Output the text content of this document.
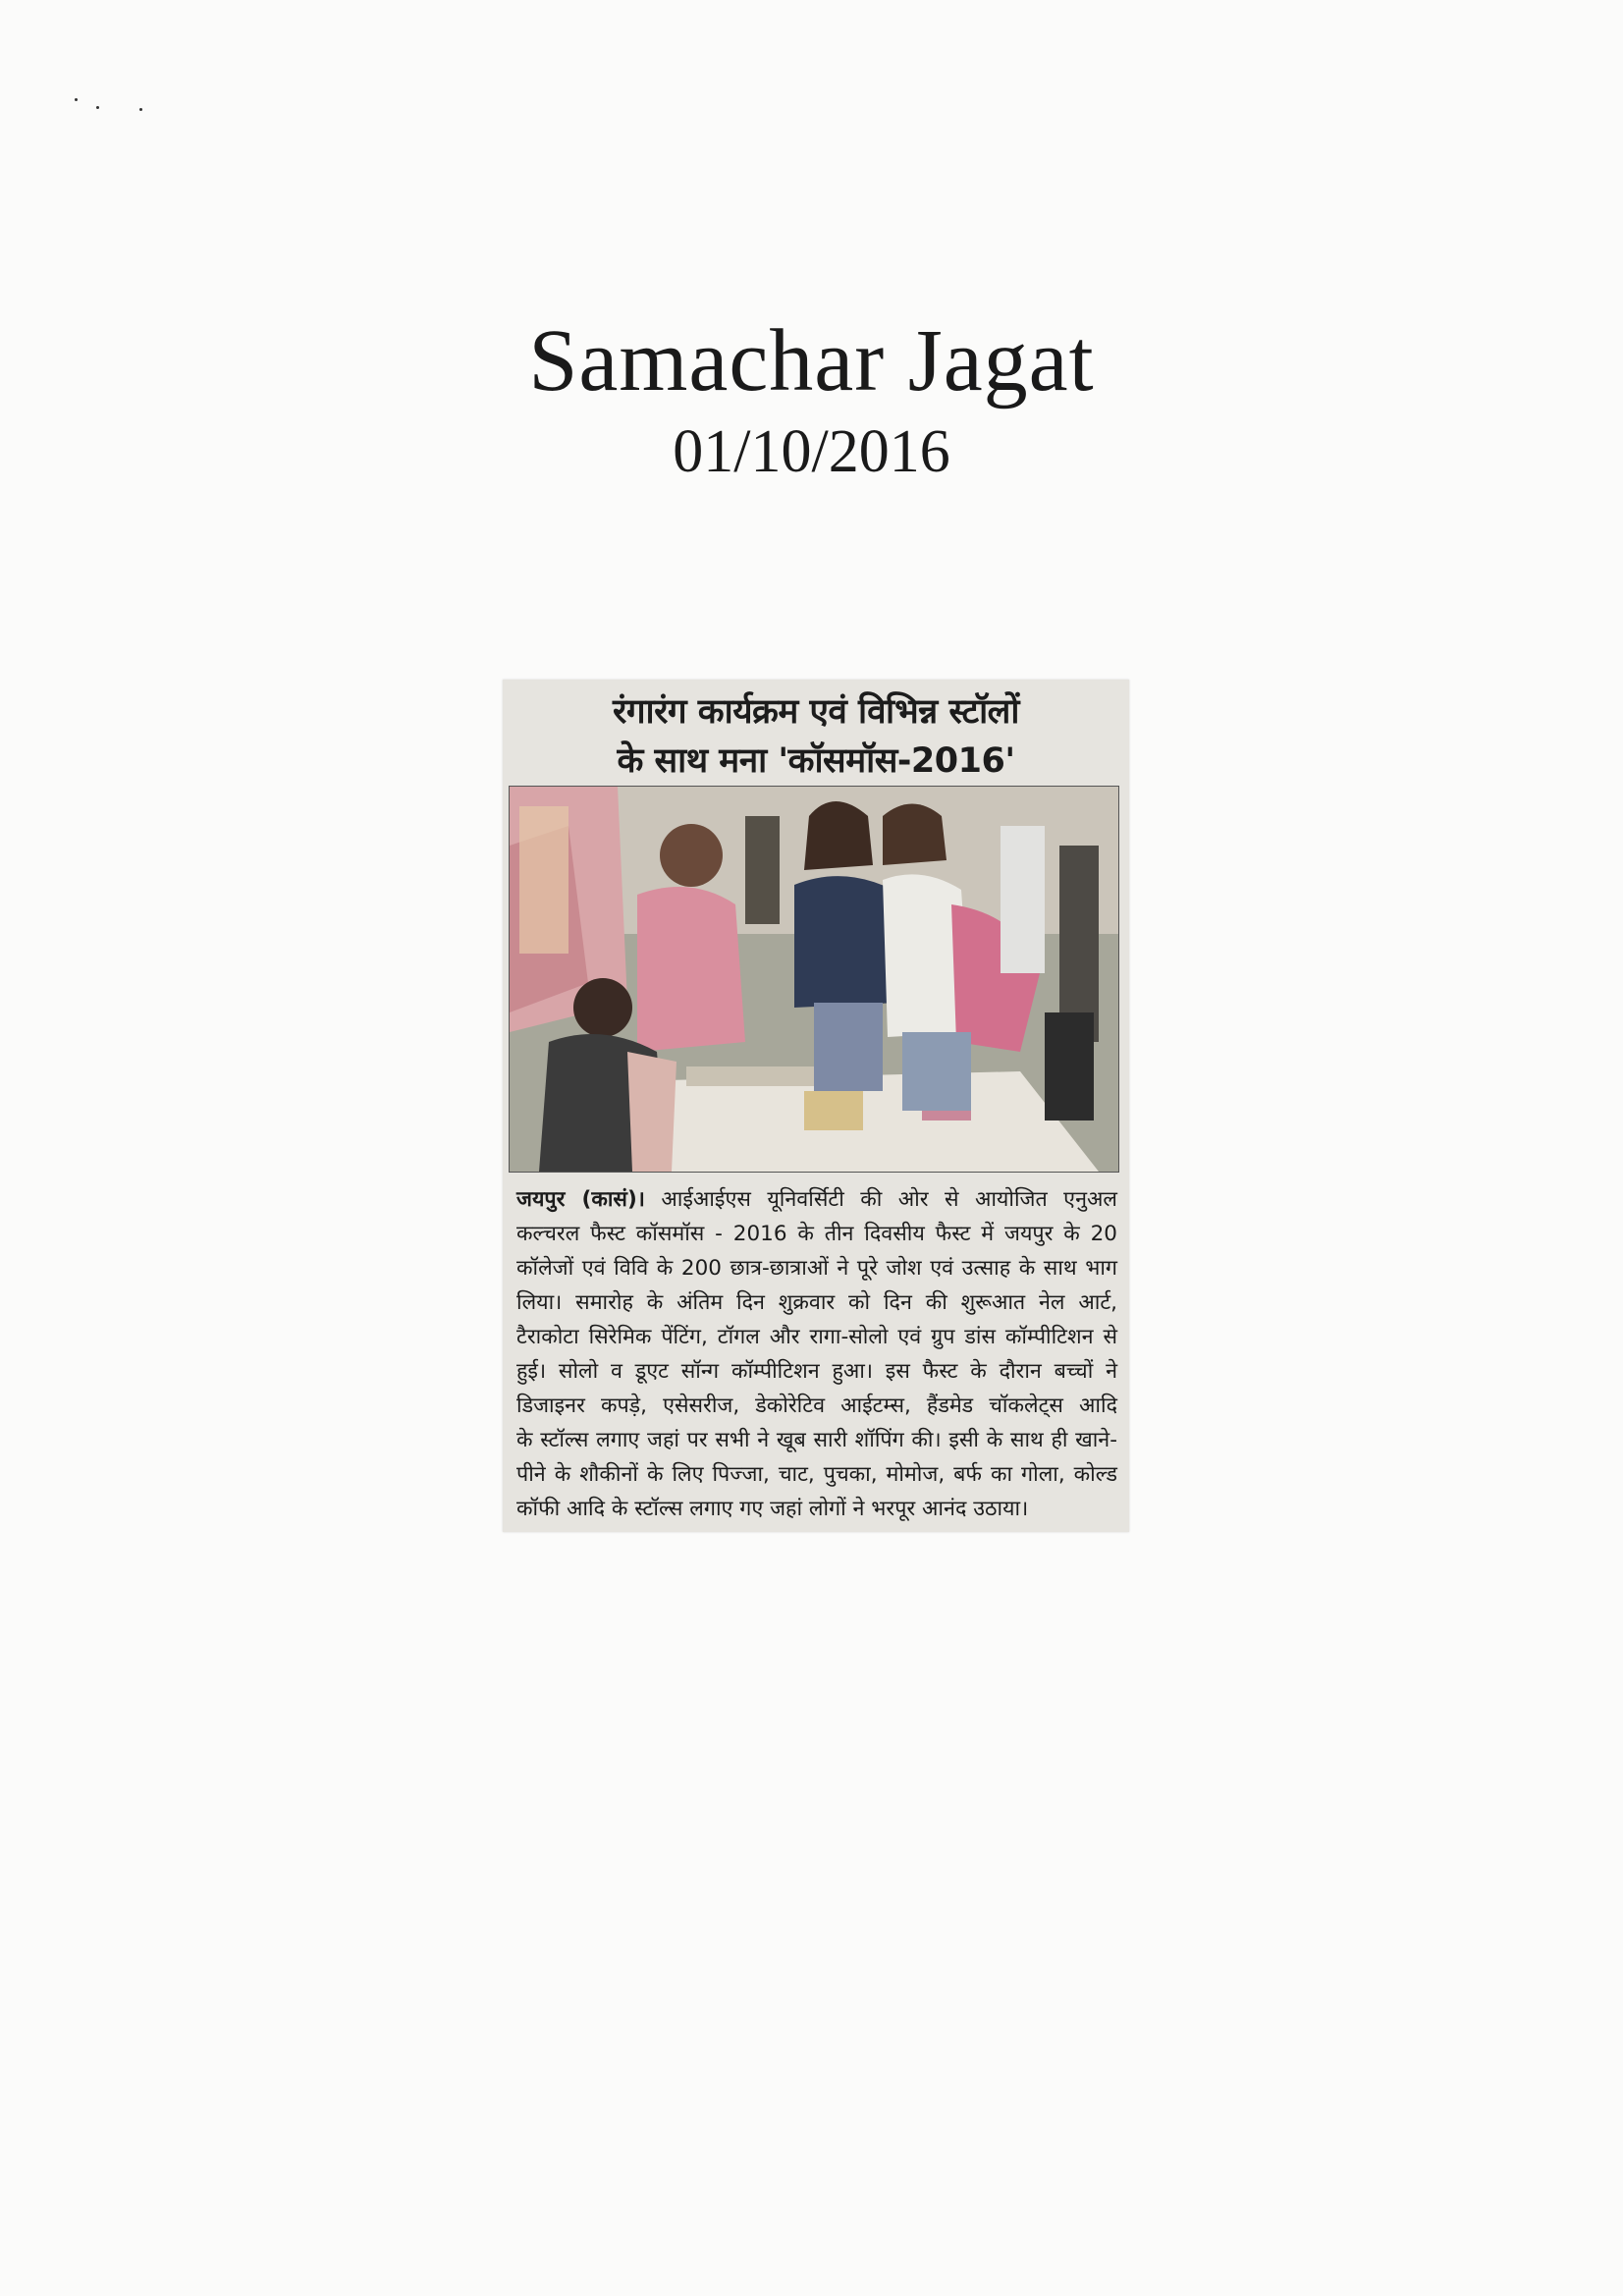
Samachar Jagat
01/10/2016
रंगारंग कार्यक्रम एवं विभिन्न स्टॉलों
के साथ मना 'कॉसमॉस-2016'
जयपुर (कासं)। आईआईएस यूनिवर्सिटी की ओर से आयोजित एनुअल
कल्चरल फैस्ट कॉसमॉस - 2016 के तीन दिवसीय फैस्ट में जयपुर के 20
कॉलेजों एवं विवि के 200 छात्र-छात्राओं ने पूरे जोश एवं उत्साह के साथ भाग
लिया। समारोह के अंतिम दिन शुक्रवार को दिन की शुरूआत नेल आर्ट,
टैराकोटा सिरेमिक पेंटिंग, टॉगल और रागा-सोलो एवं ग्रुप डांस कॉम्पीटिशन से
हुई। सोलो व डूएट सॉन्ग कॉम्पीटिशन हुआ। इस फैस्ट के दौरान बच्चों ने
डिजाइनर कपड़े, एसेसरीज, डेकोरेटिव आईटम्स, हैंडमेड चॉकलेट्स आदि
के स्टॉल्स लगाए जहां पर सभी ने खूब सारी शॉपिंग की। इसी के साथ ही खाने-
पीने के शौकीनों के लिए पिज्जा, चाट, पुचका, मोमोज, बर्फ का गोला, कोल्ड
कॉफी आदि के स्टॉल्स लगाए गए जहां लोगों ने भरपूर आनंद उठाया।
